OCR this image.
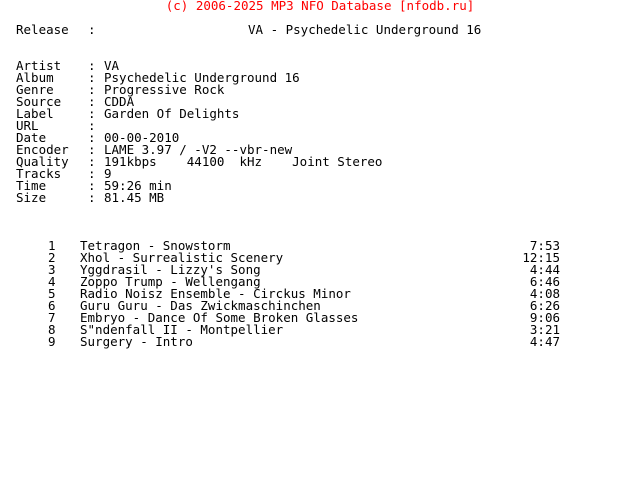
(c) 2006-2025 MP3 NFO Database [nfodb.ru]
Release :	VA - Psychedelic Underground 16
Artist : VA
Album	: Psychedelic Underground 16
Genre	: Progressive Rock
Source : CDDA
Label	: Garden Of Delights
URL	:
Date	: 00-00-2010
Encoder : LAME 3.97 / -V2 --vbr-new
Quality : 191kbps    44100  kHz    Joint Stereo
Tracks : 9
Time	: 59:26 min
Size	: 81.45 MB
1 Tetragon - Snowstorm	7:53
2 Xhol - Surrealistic Scenery	12:15
3 Yggdrasil - Lizzy's Song	4:44
4 Zoppo Trump - Wellengang	6:46
5 Radio Noisz Ensemble - Circkus Minor	4:08
6 Guru Guru - Das Zwickmaschinchen	6:26
7 Embryo - Dance Of Some Broken Glasses	9:06
8 S"ndenfall II - Montpellier	3:21
9 Surgery - Intro	4:47
